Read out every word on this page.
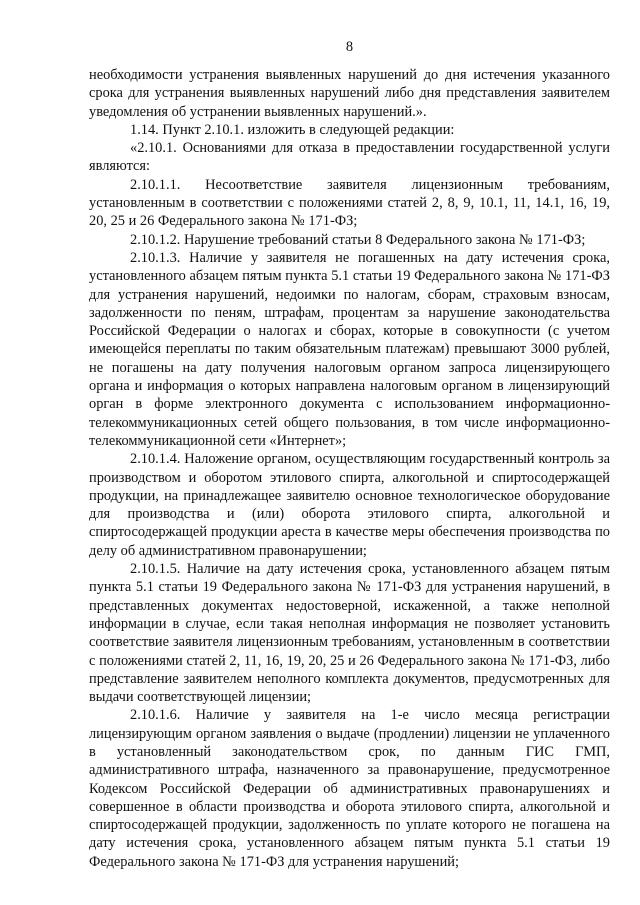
8

необходимости устранения выявленных нарушений до дня истечения указанного срока для устранения выявленных нарушений либо дня представления заявителем уведомления об устранении выявленных нарушений.».

1.14. Пункт 2.10.1. изложить в следующей редакции:

«2.10.1. Основаниями для отказа в предоставлении государственной услуги являются:

2.10.1.1. Несоответствие заявителя лицензионным требованиям, установленным в соответствии с положениями статей 2, 8, 9, 10.1, 11, 14.1, 16, 19, 20, 25 и 26 Федерального закона № 171-ФЗ;

2.10.1.2. Нарушение требований статьи 8 Федерального закона № 171-ФЗ;

2.10.1.3. Наличие у заявителя не погашенных на дату истечения срока, установленного абзацем пятым пункта 5.1 статьи 19 Федерального закона № 171-ФЗ для устранения нарушений, недоимки по налогам, сборам, страховым взносам, задолженности по пеням, штрафам, процентам за нарушение законодательства Российской Федерации о налогах и сборах, которые в совокупности (с учетом имеющейся переплаты по таким обязательным платежам) превышают 3000 рублей, не погашены на дату получения налоговым органом запроса лицензирующего органа и информация о которых направлена налоговым органом в лицензирующий орган в форме электронного документа с использованием информационно-телекоммуникационных сетей общего пользования, в том числе информационно-телекоммуникационной сети «Интернет»;

2.10.1.4. Наложение органом, осуществляющим государственный контроль за производством и оборотом этилового спирта, алкогольной и спиртосодержащей продукции, на принадлежащее заявителю основное технологическое оборудование для производства и (или) оборота этилового спирта, алкогольной и спиртосодержащей продукции ареста в качестве меры обеспечения производства по делу об административном правонарушении;

2.10.1.5. Наличие на дату истечения срока, установленного абзацем пятым пункта 5.1 статьи 19 Федерального закона № 171-ФЗ для устранения нарушений, в представленных документах недостоверной, искаженной, а также неполной информации в случае, если такая неполная информация не позволяет установить соответствие заявителя лицензионным требованиям, установленным в соответствии с положениями статей 2, 11, 16, 19, 20, 25 и 26 Федерального закона № 171-ФЗ, либо представление заявителем неполного комплекта документов, предусмотренных для выдачи соответствующей лицензии;

2.10.1.6. Наличие у заявителя на 1-е число месяца регистрации лицензирующим органом заявления о выдаче (продлении) лицензии не уплаченного в установленный законодательством срок, по данным ГИС ГМП, административного штрафа, назначенного за правонарушение, предусмотренное Кодексом Российской Федерации об административных правонарушениях и совершенное в области производства и оборота этилового спирта, алкогольной и спиртосодержащей продукции, задолженность по уплате которого не погашена на дату истечения срока, установленного абзацем пятым пункта 5.1 статьи 19 Федерального закона № 171-ФЗ для устранения нарушений;
